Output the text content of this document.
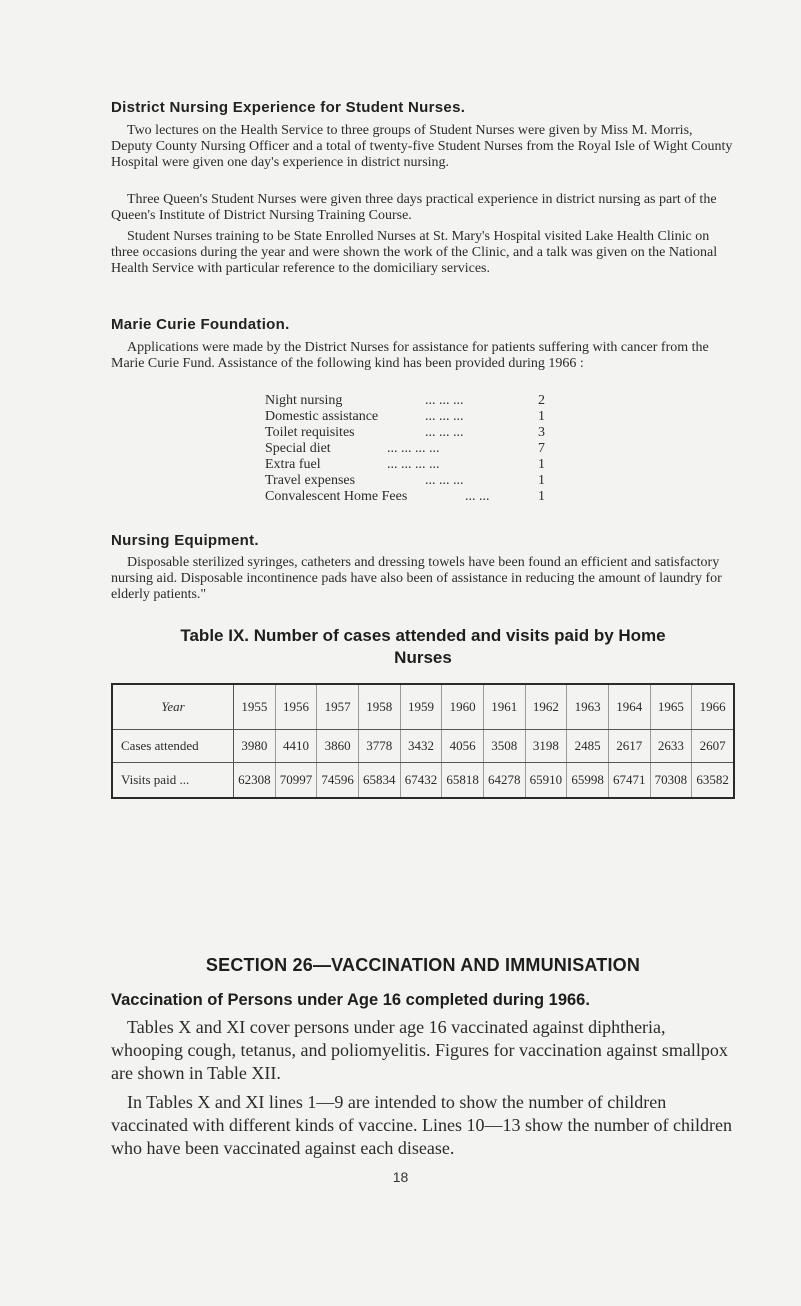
District Nursing Experience for Student Nurses.
Two lectures on the Health Service to three groups of Student Nurses were given by Miss M. Morris, Deputy County Nursing Officer and a total of twenty-five Student Nurses from the Royal Isle of Wight County Hospital were given one day's experience in district nursing.
Three Queen's Student Nurses were given three days practical experience in district nursing as part of the Queen's Institute of District Nursing Training Course.
Student Nurses training to be State Enrolled Nurses at St. Mary's Hospital visited Lake Health Clinic on three occasions during the year and were shown the work of the Clinic, and a talk was given on the National Health Service with particular reference to the domiciliary services.
Marie Curie Foundation.
Applications were made by the District Nurses for assistance for patients suffering with cancer from the Marie Curie Fund. Assistance of the following kind has been provided during 1966 :
Night nursing	... ... ...	2
Domestic assistance	... ... ...	1
Toilet requisites	... ... ...	3
Special diet	... ... ... ...	7
Extra fuel	... ... ... ...	1
Travel expenses	... ... ...	1
Convalescent Home Fees	... ...	1
Nursing Equipment.
Disposable sterilized syringes, catheters and dressing towels have been found an efficient and satisfactory nursing aid. Disposable incontinence pads have also been of assistance in reducing the amount of laundry for elderly patients."
Table IX. Number of cases attended and visits paid by Home
Nurses
Year	1955	1956	1957	1958	1959	1960	1961	1962	1963	1964	1965	1966
Cases attended	3980	4410	3860	3778	3432	4056	3508	3198	2485	2617	2633	2607
Visits paid ...	62308	70997	74596	65834	67432	65818	64278	65910	65998	67471	70308	63582
SECTION 26—VACCINATION AND IMMUNISATION
Vaccination of Persons under Age 16 completed during 1966.
Tables X and XI cover persons under age 16 vaccinated against diphtheria, whooping cough, tetanus, and poliomyelitis. Figures for vaccination against smallpox are shown in Table XII.
In Tables X and XI lines 1—9 are intended to show the number of children vaccinated with different kinds of vaccine. Lines 10—13 show the number of children who have been vaccinated against each disease.
18
